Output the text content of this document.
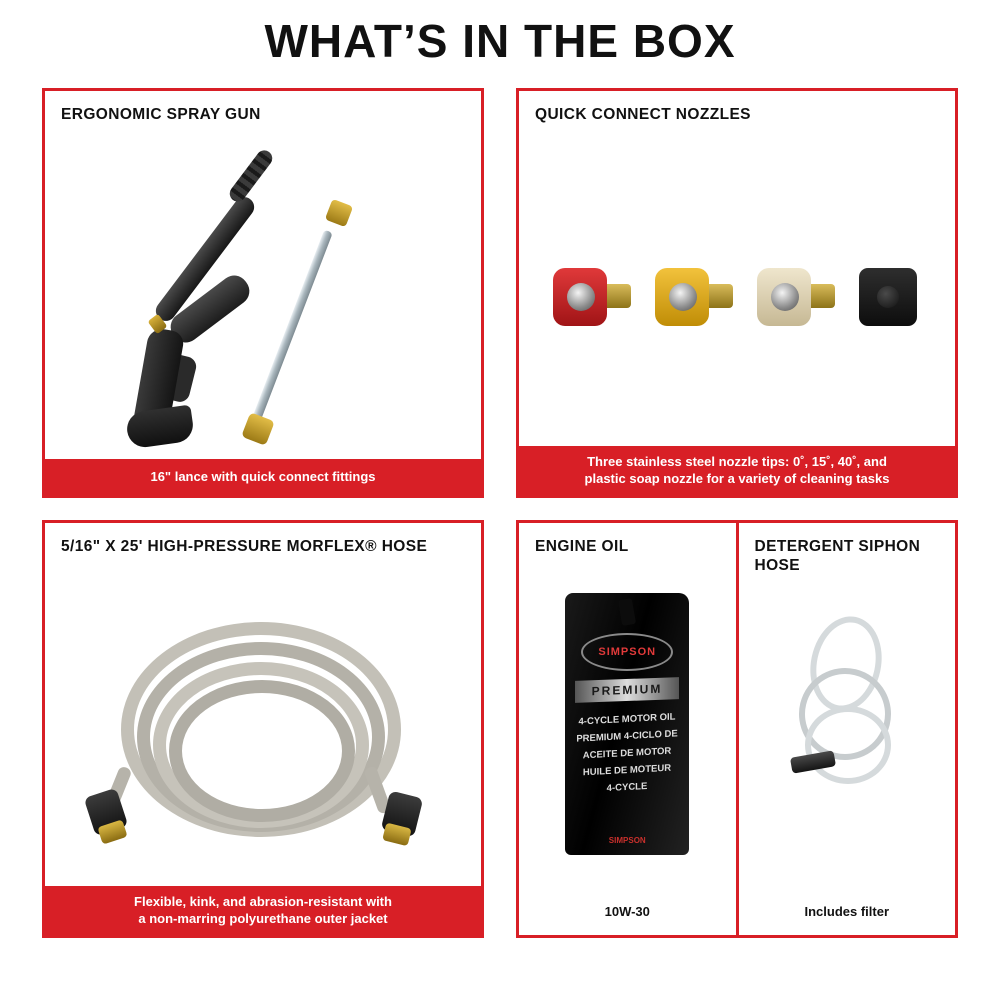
WHAT’S IN THE BOX
ERGONOMIC SPRAY GUN
16" lance with quick connect fittings
QUICK CONNECT NOZZLES
Three stainless steel nozzle tips: 0˚, 15˚, 40˚, and
plastic soap nozzle for a variety of cleaning tasks
5/16" X 25' HIGH-PRESSURE MORFLEX® HOSE
Flexible, kink, and abrasion-resistant with
a non-marring polyurethane outer jacket
ENGINE OIL
SIMPSON
PREMIUM
4-CYCLE MOTOR OIL
PREMIUM 4-CICLO DE
ACEITE DE MOTOR
HUILE DE MOTEUR
4-CYCLE
SIMPSON
10W-30
DETERGENT SIPHON HOSE
Includes filter
